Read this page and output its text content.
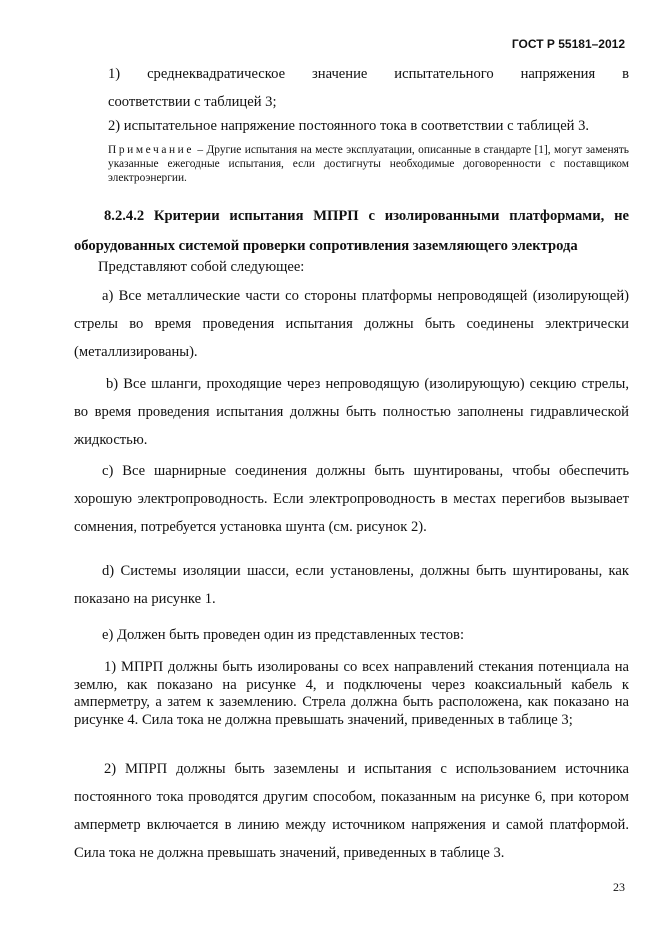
ГОСТ Р 55181–2012

1) среднеквадратическое значение испытательного напряжения в

соответствии с таблицей 3;

2) испытательное напряжение постоянного тока в соответствии с таблицей 3.

Примечание – Другие испытания на месте эксплуатации, описанные в стандарте [1], могут заменять указанные ежегодные испытания, если достигнуты необходимые договоренности с поставщиком электроэнергии.

8.2.4.2 Критерии испытания МПРП с изолированными платформами, не оборудованных системой проверки сопротивления заземляющего электрода

Представляют собой следующее:

а) Все металлические части со стороны платформы непроводящей (изолирующей) стрелы во время проведения испытания должны быть соединены электрически (металлизированы).

b) Все шланги, проходящие через непроводящую (изолирующую) секцию стрелы, во время проведения испытания должны быть полностью заполнены гидравлической жидкостью.

с) Все шарнирные соединения должны быть шунтированы, чтобы обеспечить хорошую электропроводность. Если электропроводность в местах перегибов вызывает сомнения, потребуется установка шунта (см. рисунок 2).

d) Системы изоляции шасси, если установлены, должны быть шунтированы, как показано на рисунке 1.

е) Должен быть проведен один из представленных тестов:

1) МПРП должны быть изолированы со всех направлений стекания потенциала на землю, как показано на рисунке 4, и подключены через коаксиальный кабель к амперметру, а затем к заземлению. Стрела должна быть расположена, как показано на рисунке 4. Сила тока не должна превышать значений, приведенных в таблице 3;

2) МПРП должны быть заземлены и испытания с использованием источника постоянного тока проводятся другим способом, показанным на рисунке 6, при котором амперметр включается в линию между источником напряжения и самой платформой. Сила тока не должна превышать значений, приведенных в таблице 3.

23
